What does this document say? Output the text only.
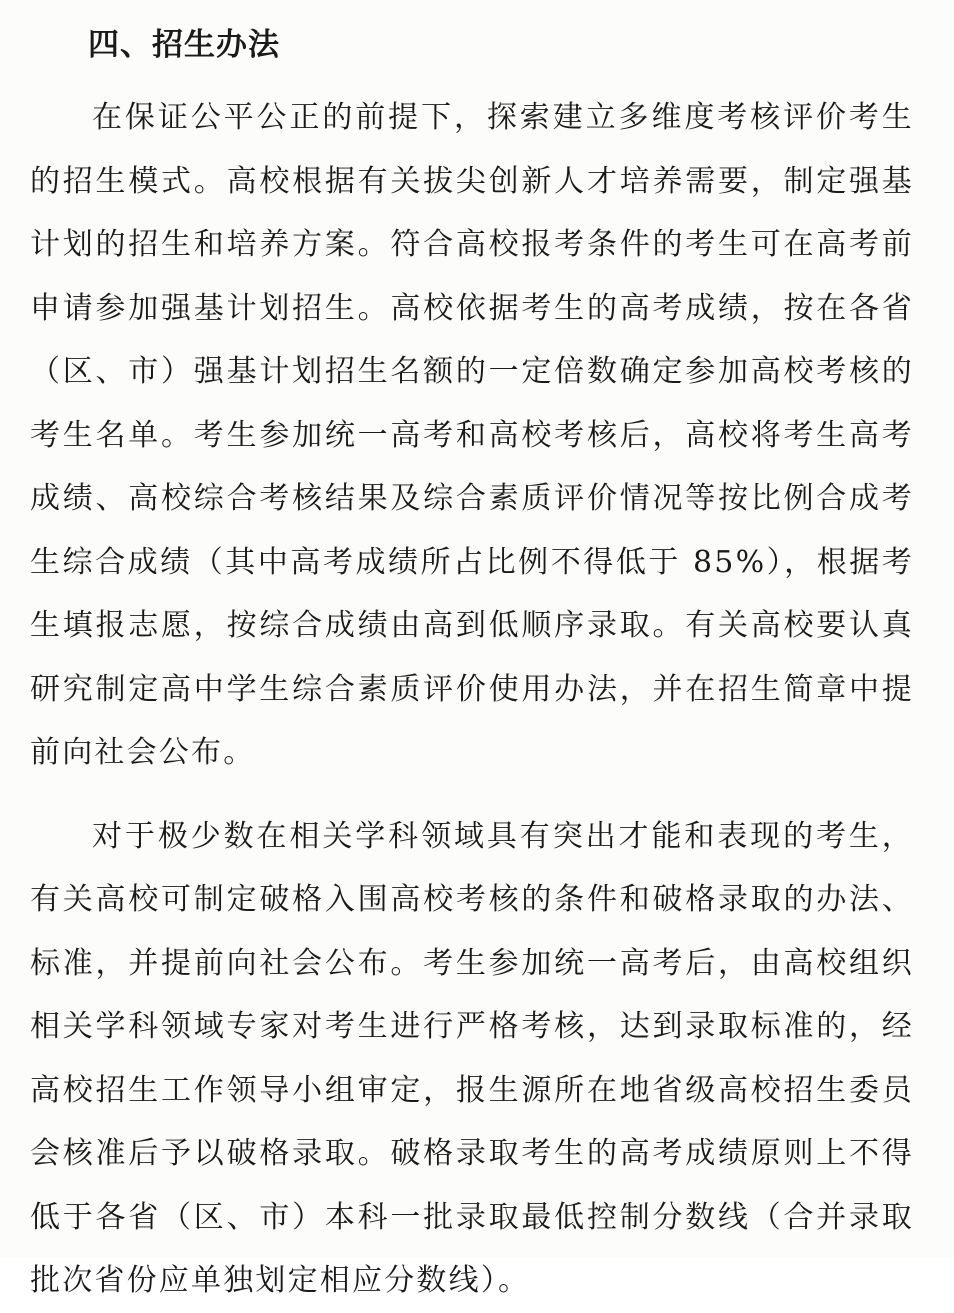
四、招生办法

在保证公平公正的前提下，探索建立多维度考核评价考生的招生模式。高校根据有关拔尖创新人才培养需要，制定强基计划的招生和培养方案。符合高校报考条件的考生可在高考前申请参加强基计划招生。高校依据考生的高考成绩，按在各省（区、市）强基计划招生名额的一定倍数确定参加高校考核的考生名单。考生参加统一高考和高校考核后，高校将考生高考成绩、高校综合考核结果及综合素质评价情况等按比例合成考生综合成绩（其中高考成绩所占比例不得低于 85%），根据考生填报志愿，按综合成绩由高到低顺序录取。有关高校要认真研究制定高中学生综合素质评价使用办法，并在招生简章中提前向社会公布。

对于极少数在相关学科领域具有突出才能和表现的考生，有关高校可制定破格入围高校考核的条件和破格录取的办法、标准，并提前向社会公布。考生参加统一高考后，由高校组织相关学科领域专家对考生进行严格考核，达到录取标准的，经高校招生工作领导小组审定，报生源所在地省级高校招生委员会核准后予以破格录取。破格录取考生的高考成绩原则上不得低于各省（区、市）本科一批录取最低控制分数线（合并录取批次省份应单独划定相应分数线）。
